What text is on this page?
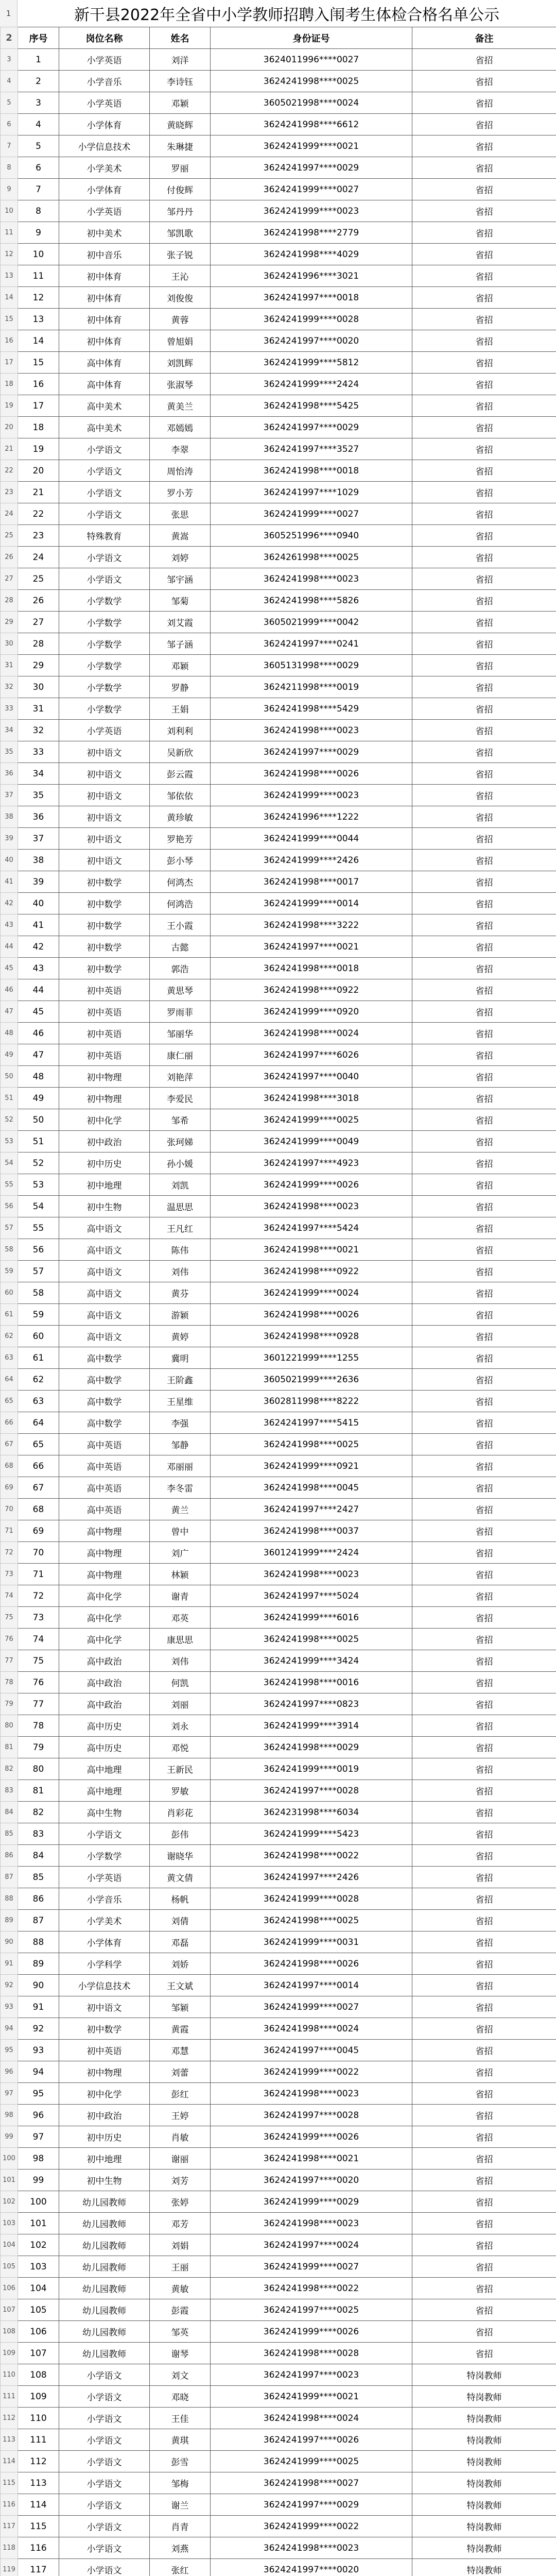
1	新干县2022年全省中小学教师招聘入闱考生体检合格名单公示
2	序号	岗位名称	姓名	身份证号	备注
3	1	小学英语	刘洋	3624011996****0027	省招
4	2	小学音乐	李诗钰	3624241998****0025	省招
5	3	小学英语	邓颖	3605021998****0024	省招
6	4	小学体育	黄晓辉	3624241998****6612	省招
7	5	小学信息技术	朱琳捷	3624241999****0021	省招
8	6	小学美术	罗丽	3624241997****0029	省招
9	7	小学体育	付俊辉	3624241999****0027	省招
10	8	小学英语	邹丹丹	3624241999****0023	省招
11	9	初中美术	邹凯歌	3624241998****2779	省招
12	10	初中音乐	张子锐	3624241998****4029	省招
13	11	初中体育	王沁	3624241996****3021	省招
14	12	初中体育	刘俊俊	3624241997****0018	省招
15	13	初中体育	黄蓉	3624241999****0028	省招
16	14	初中体育	曾旭娟	3624241997****0020	省招
17	15	高中体育	刘凯辉	3624241999****5812	省招
18	16	高中体育	张淑琴	3624241999****2424	省招
19	17	高中美术	黄美兰	3624241998****5425	省招
20	18	高中美术	邓嫣嫣	3624241997****0029	省招
21	19	小学语文	李翠	3624241997****3527	省招
22	20	小学语文	周怡涛	3624241998****0018	省招
23	21	小学语文	罗小芳	3624241997****1029	省招
24	22	小学语文	张思	3624241999****0027	省招
25	23	特殊教育	黄嵩	3605251996****0940	省招
26	24	小学语文	刘婷	3624261998****0025	省招
27	25	小学语文	邹宇涵	3624241998****0023	省招
28	26	小学数学	邹菊	3624241998****5826	省招
29	27	小学数学	刘艾霞	3605021999****0042	省招
30	28	小学数学	邹子涵	3624241997****0241	省招
31	29	小学数学	邓颖	3605131998****0029	省招
32	30	小学数学	罗静	3624211998****0019	省招
33	31	小学数学	王娟	3624241998****5429	省招
34	32	小学英语	刘利利	3624241998****0023	省招
35	33	初中语文	吴新欣	3624241997****0029	省招
36	34	初中语文	彭云霞	3624241998****0026	省招
37	35	初中语文	邹依依	3624241999****0023	省招
38	36	初中语文	黄珍敏	3624241996****1222	省招
39	37	初中语文	罗艳芳	3624241999****0044	省招
40	38	初中语文	彭小琴	3624241999****2426	省招
41	39	初中数学	何鸿杰	3624241998****0017	省招
42	40	初中数学	何鸿浩	3624241999****0014	省招
43	41	初中数学	王小霞	3624241998****3222	省招
44	42	初中数学	古懿	3624241997****0021	省招
45	43	初中数学	郭浩	3624241998****0018	省招
46	44	初中英语	黄思琴	3624241998****0922	省招
47	45	初中英语	罗雨菲	3624241999****0920	省招
48	46	初中英语	邹丽华	3624241998****0024	省招
49	47	初中英语	康仁丽	3624241997****6026	省招
50	48	初中物理	刘艳萍	3624241997****0040	省招
51	49	初中物理	李爱民	3624241998****3018	省招
52	50	初中化学	邹希	3624241999****0025	省招
53	51	初中政治	张珂娣	3624241999****0049	省招
54	52	初中历史	孙小媛	3624241997****4923	省招
55	53	初中地理	刘凯	3624241999****0026	省招
56	54	初中生物	温思思	3624241998****0023	省招
57	55	高中语文	王凡红	3624241997****5424	省招
58	56	高中语文	陈伟	3624241998****0021	省招
59	57	高中语文	刘伟	3624241998****0922	省招
60	58	高中语文	黄芬	3624241999****0024	省招
61	59	高中语文	游颖	3624241998****0026	省招
62	60	高中语文	黄婷	3624241998****0928	省招
63	61	高中数学	冀明	3601221999****1255	省招
64	62	高中数学	王阶鑫	3605021999****2636	省招
65	63	高中数学	王星维	3602811998****8222	省招
66	64	高中数学	李强	3624241997****5415	省招
67	65	高中英语	邹静	3624241998****0025	省招
68	66	高中英语	邓丽丽	3624241999****0921	省招
69	67	高中英语	李冬雷	3624241998****0045	省招
70	68	高中英语	黄兰	3624241997****2427	省招
71	69	高中物理	曾中	3624241998****0037	省招
72	70	高中物理	刘广	3601241999****2424	省招
73	71	高中物理	林颖	3624241998****0023	省招
74	72	高中化学	谢青	3624241997****5024	省招
75	73	高中化学	邓英	3624241999****6016	省招
76	74	高中化学	康思思	3624241998****0025	省招
77	75	高中政治	刘伟	3624241999****3424	省招
78	76	高中政治	何凯	3624241998****0016	省招
79	77	高中政治	刘丽	3624241997****0823	省招
80	78	高中历史	刘永	3624241999****3914	省招
81	79	高中历史	邓悦	3624241998****0029	省招
82	80	高中地理	王新民	3624241999****0019	省招
83	81	高中地理	罗敏	3624241997****0028	省招
84	82	高中生物	肖彩花	3624231998****6034	省招
85	83	小学语文	彭伟	3624241999****5423	省招
86	84	小学数学	谢晓华	3624241998****0022	省招
87	85	小学英语	黄文倩	3624241997****2426	省招
88	86	小学音乐	杨帆	3624241999****0028	省招
89	87	小学美术	刘倩	3624241998****0025	省招
90	88	小学体育	邓磊	3624241999****0031	省招
91	89	小学科学	刘娇	3624241998****0026	省招
92	90	小学信息技术	王文斌	3624241997****0014	省招
93	91	初中语文	邹颖	3624241999****0027	省招
94	92	初中数学	黄霞	3624241998****0024	省招
95	93	初中英语	邓慧	3624241997****0045	省招
96	94	初中物理	刘蕾	3624241999****0022	省招
97	95	初中化学	彭红	3624241998****0023	省招
98	96	初中政治	王婷	3624241997****0028	省招
99	97	初中历史	肖敏	3624241999****0026	省招
100	98	初中地理	谢丽	3624241998****0021	省招
101	99	初中生物	刘芳	3624241997****0020	省招
102	100	幼儿园教师	张婷	3624241999****0029	省招
103	101	幼儿园教师	邓芳	3624241998****0023	省招
104	102	幼儿园教师	刘娟	3624241997****0024	省招
105	103	幼儿园教师	王丽	3624241999****0027	省招
106	104	幼儿园教师	黄敏	3624241998****0022	省招
107	105	幼儿园教师	彭霞	3624241997****0025	省招
108	106	幼儿园教师	邹英	3624241999****0026	省招
109	107	幼儿园教师	谢琴	3624241998****0028	省招
110	108	小学语文	刘文	3624241997****0023	特岗教师
111	109	小学语文	邓晓	3624241999****0021	特岗教师
112	110	小学语文	王佳	3624241998****0024	特岗教师
113	111	小学语文	黄琪	3624241997****0026	特岗教师
114	112	小学语文	彭雪	3624241999****0025	特岗教师
115	113	小学语文	邹梅	3624241998****0027	特岗教师
116	114	小学语文	谢兰	3624241997****0029	特岗教师
117	115	小学语文	肖青	3624241999****0022	特岗教师
118	116	小学语文	刘燕	3624241998****0023	特岗教师
119	117	小学语文	张红	3624241997****0020	特岗教师
